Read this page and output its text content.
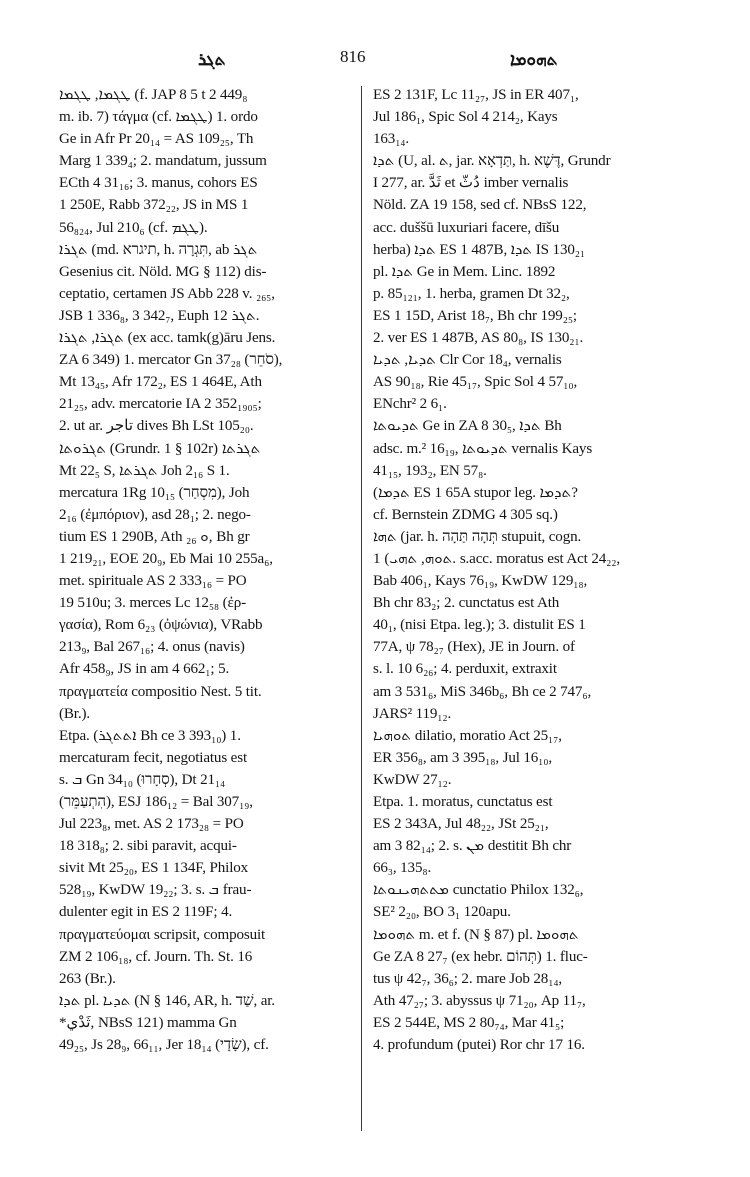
ܬܓܪ	816	ܬܗܘܡܐ

ܛܓܡܐ, ܛܓܡܐ (f. JAP 8 5 t 2 449₈

m. ib. 7) τάγμα (cf. ܛܓܡܐ) 1. ordo

Ge in Afr Pr 20₁₄ = AS 109₂₅, Th

Marg 1 339₄; 2. mandatum, jussum

ECth 4 31₁₆; 3. manus, cohors ES

1 250E, Rabb 372₂₂, JS in MS 1

56₈₂₄, Jul 210₆ (cf. ܛܓܡ).

ܬܓܪܐ (md. תיגרא, h. תִּגְרָה, ab ܬܓܪ

Gesenius cit. Nöld. MG § 112) dis-

ceptatio, certamen JS Abb 228 v. ₂₆₅,

JSB 1 336₈, 3 342₇, Euph ܬܓܪ 12.

ܬܓܪܐ, ܬܓܪܐ (ex acc. tamk(g)āru Jens.

ZA 6 349) 1. mercator Gn 37₂₈ (סֹחֵר),

Mt 13₄₅, Afr 172₂, ES 1 464E, Ath

21₂₅, adv. mercatorie IA 2 352₁₉₀₅;

2. ut ar. تاجر dives Bh LSt 105₂₀.

ܬܓܪܘܬܐ (Grundr. 1 § 102r) ܬܓܪܬܐ

Mt 22₅ S, ܬܓܪܬܐ Joh 2₁₆ S 1.

mercatura 1Rg 10₁₅ (מִסְחַר), Joh

2₁₆ (ἐμπόριον), asd 28₁; 2. nego-

tium ES 1 290B, Ath ܘ ₂₆, Bh gr

1 219₂₁, EOE 20₉, Eb Mai 10 255a₆,

met. spirituale AS 2 333₁₆ = PO

19 510u; 3. merces Lc 12₅₈ (ἐρ-

γασία), Rom 6₂₃ (ὀψώνια), VRabb

213₉, Bal 267₁₆; 4. onus (navis)

Afr 458₉, JS in am 4 662₁; 5.

πραγματεία compositio Nest. 5 tit.

(Br.).

Etpa. (ܐܬܬܓܪ Bh ce 3 393₁₀) 1.

mercaturam fecit, negotiatus est

s. ܒ Gn 34₁₀ (סְחָרוּ), Dt 21₁₄

(הִתְעַמֵּר), ESJ 186₁₂ = Bal 307₁₉,

Jul 223₈, met. AS 2 173₂₈ = PO

18 318₈; 2. sibi paravit, acqui-

sivit Mt 25₂₀, ES 1 134F, Philox

528₁₉, KwDW 19₂₂; 3. s. ܒ frau-

dulenter egit in ES 2 119F; 4.

πραγματεύομαι scripsit, composuit

ZM 2 106₁₈, cf. Journ. Th. St. 16

263 (Br.).

ܬܕܐ pl. ܬܕܝܐ (N § 146, AR, h. שַׁד, ar.

*ثَدْي, NBsS 121) mamma Gn

49₂₅, Js 28₉, 66₁₁, Jer 18₁₄ (שָׂדָי), cf.

ES 2 131F, Lc 11₂₇, JS in ER 407₁,

Jul 186₁, Spic Sol 4 214₂, Kays

163₁₄.

ܬܕܐ (U, al. ܬ, jar. תַּדְאָא, h. דֶּשֶׁא, Grundr

I 277, ar. ثَدَّ et دُثّ imber vernalis

Nöld. ZA 19 158, sed cf. NBsS 122,

acc. duššū luxuriari facere, dīšu

herba) ܬܕܐ ES 1 487B, ܬܕܐ IS 130₂₁

pl. ܬܕܐ Ge in Mem. Linc. 1892

p. 85₁₂₁, 1. herba, gramen Dt 32₂,

ES 1 15D, Arist 18₇, Bh chr 199₂₅;

2. ver ES 1 487B, AS 80₈, IS 130₂₁.

ܬܕܝܐ, ܬܕܝܐ Clr Cor 18₄, vernalis

AS 90₁₈, Rie 45₁₇, Spic Sol 4 57₁₀,

ENchr² 2 6₁.

ܬܕܝܘܬܐ Ge in ZA 8 30₅, ܬܕܐ Bh

adsc. m.² 16₁₉, ܬܕܝܘܬܐ vernalis Kays

41₁₅, 193₂, EN 57₈.

(ܬܕܡܐ ES 1 65A stupor leg. ܬܕܡܐ?

cf. Bernstein ZDMG 4 305 sq.)

ܬܗܐ (jar. h. תְּהָה תַּהָה stupuit, cogn.

ܬܘܗ, ܬܗܝ) 1. s.acc. moratus est Act 24₂₂,

Bab 406₁, Kays 76₁₉, KwDW 129₁₈,

Bh chr 83₂; 2. cunctatus est Ath

40₁, (nisi Etpa. leg.); 3. distulit ES 1

77A, ψ 78₂₇ (Hex), JE in Journ. of

s. l. 10 6₂₆; 4. perduxit, extraxit

am 3 531₆, MiS 346b₆, Bh ce 2 747₆,

JARS² 119₁₂.

ܬܘܗܝܐ dilatio, moratio Act 25₁₇,

ER 356₈, am 3 395₁₈, Jul 16₁₀,

KwDW 27₁₂.

Etpa. 1. moratus, cunctatus est

ES 2 343A, Jul 48₂₂, JSt 25₂₁,

am 3 82₁₄; 2. s. ܡܢ destitit Bh chr

66₃, 135₈.

ܡܬܬܗܝܢܘܬܐ cunctatio Philox 132₆,

SE² 2₂₀, BO 3₁ 120apu.

ܬܗܘܡܐ m. et f. (N § 87) pl. ܬܗܘܡܐ

Ge ZA 8 27₇ (ex hebr. תְּהוֹם) 1. fluc-

tus ψ 42₇, 36₆; 2. mare Job 28₁₄,

Ath 47₂₇; 3. abyssus ψ 71₂₀, Ap 11₇,

ES 2 544E, MS 2 80₇₄, Mar 41₅;

4. profundum (putei) Ror chr 17 16.
